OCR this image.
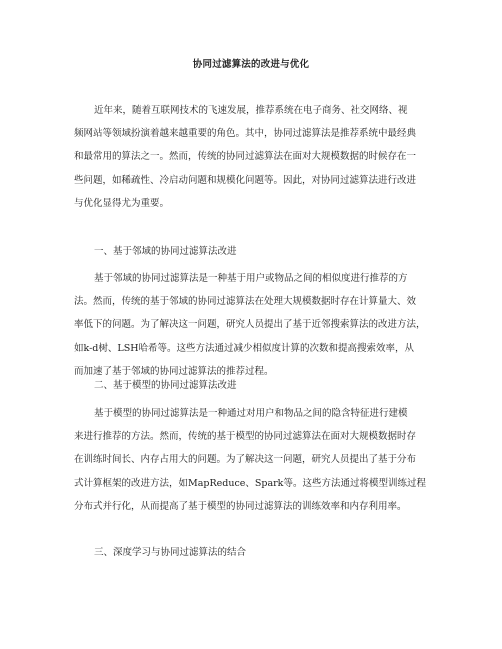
协同过滤算法的改进与优化
近年来，随着互联网技术的飞速发展，推荐系统在电子商务、社交网络、视
频网站等领域扮演着越来越重要的角色。其中，协同过滤算法是推荐系统中最经典
和最常用的算法之一。然而，传统的协同过滤算法在面对大规模数据的时候存在一
些问题，如稀疏性、冷启动问题和规模化问题等。因此，对协同过滤算法进行改进
与优化显得尤为重要。
一、基于邻域的协同过滤算法改进
基于邻域的协同过滤算法是一种基于用户或物品之间的相似度进行推荐的方
法。然而，传统的基于邻域的协同过滤算法在处理大规模数据时存在计算量大、效
率低下的问题。为了解决这一问题，研究人员提出了基于近邻搜索算法的改进方法，
如k-d树、LSH哈希等。这些方法通过减少相似度计算的次数和提高搜索效率，从
而加速了基于邻域的协同过滤算法的推荐过程。
二、基于模型的协同过滤算法改进
基于模型的协同过滤算法是一种通过对用户和物品之间的隐含特征进行建模
来进行推荐的方法。然而，传统的基于模型的协同过滤算法在面对大规模数据时存
在训练时间长、内存占用大的问题。为了解决这一问题，研究人员提出了基于分布
式计算框架的改进方法，如MapReduce、Spark等。这些方法通过将模型训练过程
分布式并行化，从而提高了基于模型的协同过滤算法的训练效率和内存利用率。
三、深度学习与协同过滤算法的结合
